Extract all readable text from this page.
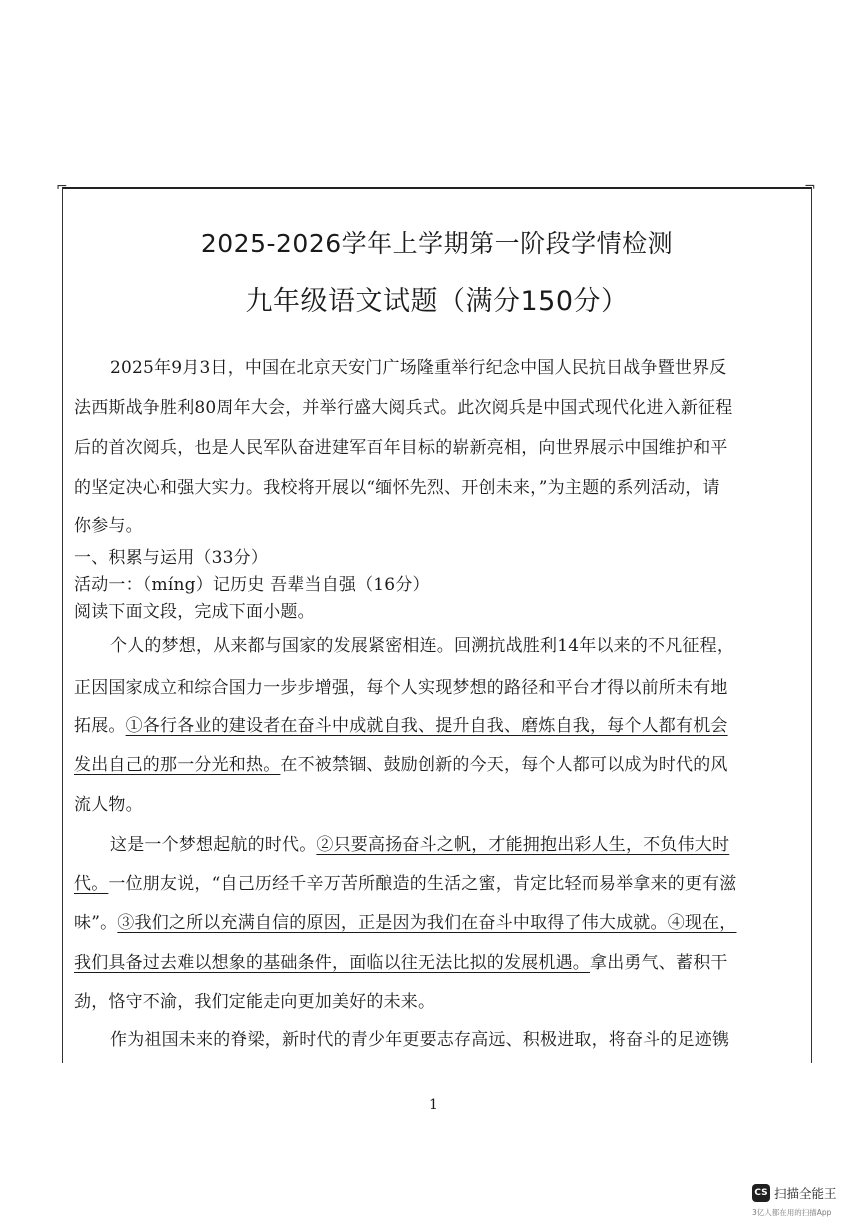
⌐	¬
2025-2026学年上学期第一阶段学情检测
九年级语文试题（满分150分）
2025年9月3日，中国在北京天安门广场隆重举行纪念中国人民抗日战争暨世界反
法西斯战争胜利80周年大会，并举行盛大阅兵式。此次阅兵是中国式现代化进入新征程
后的首次阅兵，也是人民军队奋进建军百年目标的崭新亮相，向世界展示中国维护和平
的坚定决心和强大实力。我校将开展以“缅怀先烈、开创未来，”为主题的系列活动，请
你参与。
一、积累与运用（33分）
活动一：（míng）记历史 吾辈当自强（16分）
阅读下面文段，完成下面小题。
个人的梦想，从来都与国家的发展紧密相连。回溯抗战胜利14年以来的不凡征程，
正因国家成立和综合国力一步步增强，每个人实现梦想的路径和平台才得以前所未有地
拓展。①各行各业的建设者在奋斗中成就自我、提升自我、磨炼自我，每个人都有机会
发出自己的那一分光和热。在不被禁锢、鼓励创新的今天，每个人都可以成为时代的风
流人物。
这是一个梦想起航的时代。②只要高扬奋斗之帆，才能拥抱出彩人生，不负伟大时
代。一位朋友说，“自己历经千辛万苦所酿造的生活之蜜，肯定比轻而易举拿来的更有滋
味”。③我们之所以充满自信的原因，正是因为我们在奋斗中取得了伟大成就。④现在，
我们具备过去难以想象的基础条件，面临以往无法比拟的发展机遇。拿出勇气、蓄积干
劲，恪守不渝，我们定能走向更加美好的未来。
作为祖国未来的脊梁，新时代的青少年更要志存高远、积极进取，将奋斗的足迹镌
1
CS 扫描全能王
3亿人都在用的扫描App
